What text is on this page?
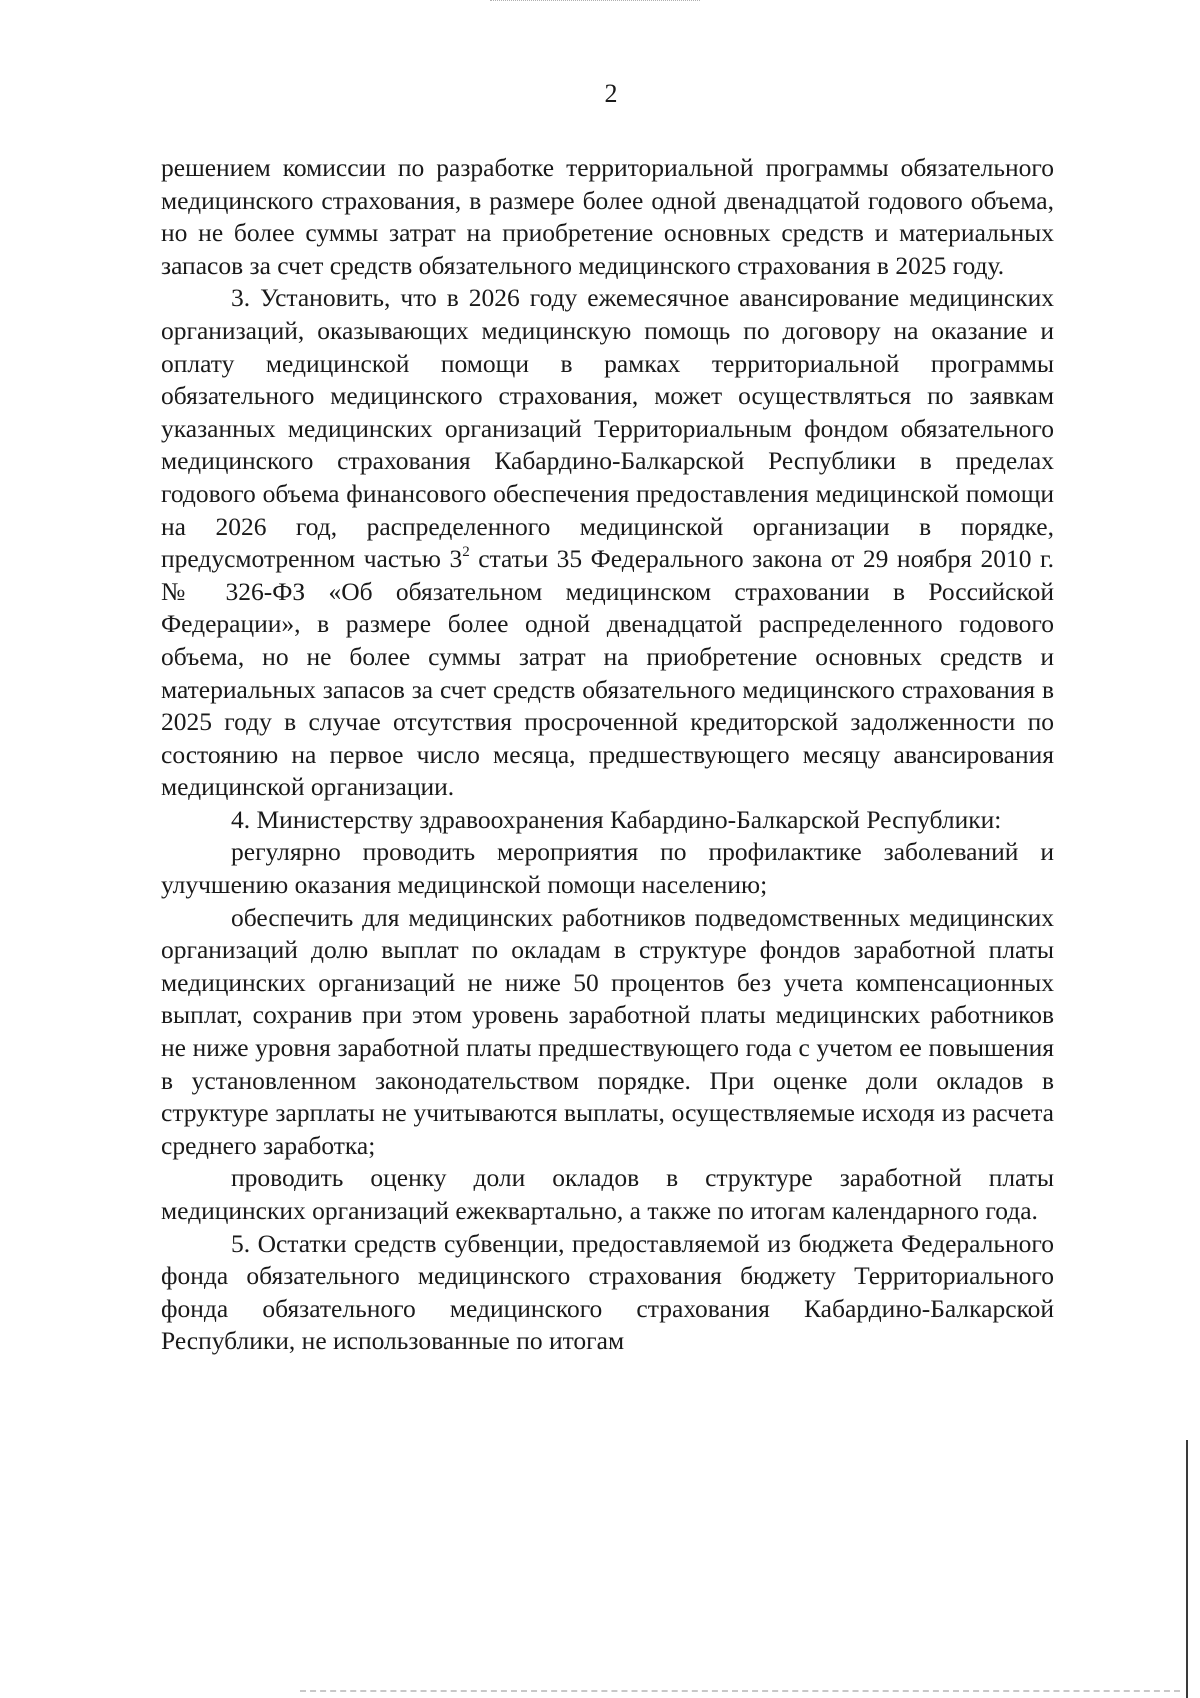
2

решением комиссии по разработке территориальной программы обязательного медицинского страхования, в размере более одной двенадцатой годового объема, но не более суммы затрат на приобретение основных средств и материальных запасов за счет средств обязательного медицинского страхования в 2025 году.

3. Установить, что в 2026 году ежемесячное авансирование медицинских организаций, оказывающих медицинскую помощь по договору на оказание и оплату медицинской помощи в рамках территориальной программы обязательного медицинского страхования, может осуществляться по заявкам указанных медицинских организаций Территориальным фондом обязательного медицинского страхования Кабардино-Балкарской Республики в пределах годового объема финансового обеспечения предоставления медицинской помощи на 2026 год, распределенного медицинской организации в порядке, предусмотренном частью $3^2$ статьи 35 Федерального закона от 29 ноября 2010 г. № 326-ФЗ «Об обязательном медицинском страховании в Российской Федерации», в размере более одной двенадцатой распределенного годового объема, но не более суммы затрат на приобретение основных средств и материальных запасов за счет средств обязательного медицинского страхования в 2025 году в случае отсутствия просроченной кредиторской задолженности по состоянию на первое число месяца, предшествующего месяцу авансирования медицинской организации.

4. Министерству здравоохранения Кабардино-Балкарской Республики:

регулярно проводить мероприятия по профилактике заболеваний и улучшению оказания медицинской помощи населению;

обеспечить для медицинских работников подведомственных медицинских организаций долю выплат по окладам в структуре фондов заработной платы медицинских организаций не ниже 50 процентов без учета компенсационных выплат, сохранив при этом уровень заработной платы медицинских работников не ниже уровня заработной платы предшествующего года с учетом ее повышения в установленном законодательством порядке. При оценке доли окладов в структуре зарплаты не учитываются выплаты, осуществляемые исходя из расчета среднего заработка;

проводить оценку доли окладов в структуре заработной платы медицинских организаций ежеквартально, а также по итогам календарного года.

5. Остатки средств субвенции, предоставляемой из бюджета Федерального фонда обязательного медицинского страхования бюджету Территориального фонда обязательного медицинского страхования Кабардино-Балкарской Республики, не использованные по итогам
